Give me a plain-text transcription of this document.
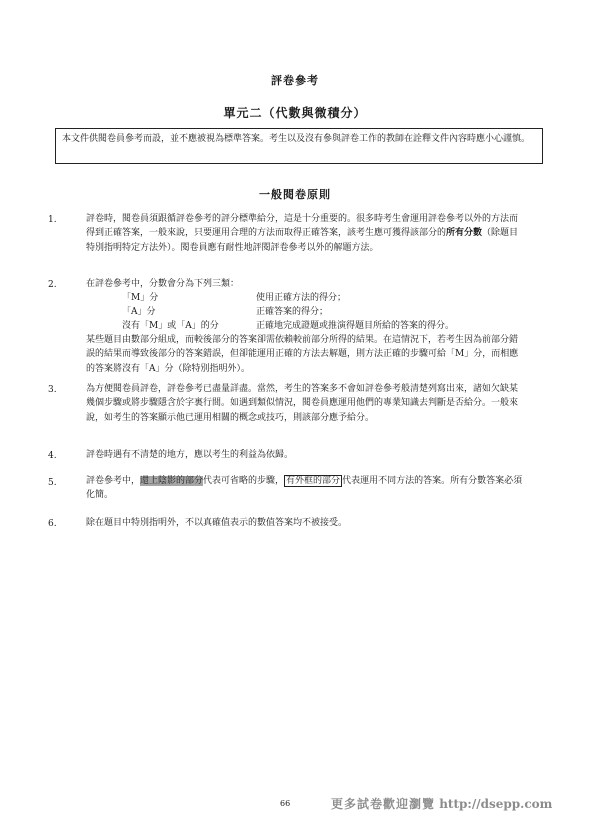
評卷參考
單元二（代數與微積分）
本文件供閱卷員參考而設，並不應被視為標準答案。考生以及沒有參與評卷工作的教師在詮釋文件內容時應小心謹慎。
一般閱卷原則
1.	評卷時，閱卷員須跟循評卷參考的評分標準給分，這是十分重要的。很多時考生會運用評卷參考以外的方法而得到正確答案，一般來說，只要運用合理的方法而取得正確答案，該考生應可獲得該部分的所有分數（除題目特別指明特定方法外）。閱卷員應有耐性地評閱評卷參考以外的解題方法。
2.	在評卷參考中，分數會分為下列三類：
「M」分	使用正確方法的得分；
「A」分	正確答案的得分；
沒有「M」或「A」的分	正確地完成證題或推演得題目所給的答案的得分。
某些題目由數部分組成，而較後部分的答案卻需依賴較前部分所得的結果。在這情況下，若考生因為前部分錯誤的結果而導致後部分的答案錯誤，但卻能運用正確的方法去解題，則方法正確的步驟可給「M」分，而相應的答案將沒有「A」分（除特別指明外）。
3.	為方便閱卷員評卷，評卷參考已盡量詳盡。當然，考生的答案多不會如評卷參考般清楚列寫出來，諸如欠缺某幾個步驟或將步驟隱含於字裏行間。如遇到類似情況，閱卷員應運用他們的專業知識去判斷是否給分。一般來說，如考生的答案顯示他已運用相關的概念或技巧，則該部分應予給分。
4.	評卷時遇有不清楚的地方，應以考生的利益為依歸。
5.	評卷參考中，還上陰影的部分代表可省略的步驟， 有外框的部分 代表運用不同方法的答案。所有分數答案必須化簡。
6.	除在題目中特別指明外，不以真確值表示的數值答案均不被接受。
66	更多試卷歡迎瀏覽 http://dsepp.com
